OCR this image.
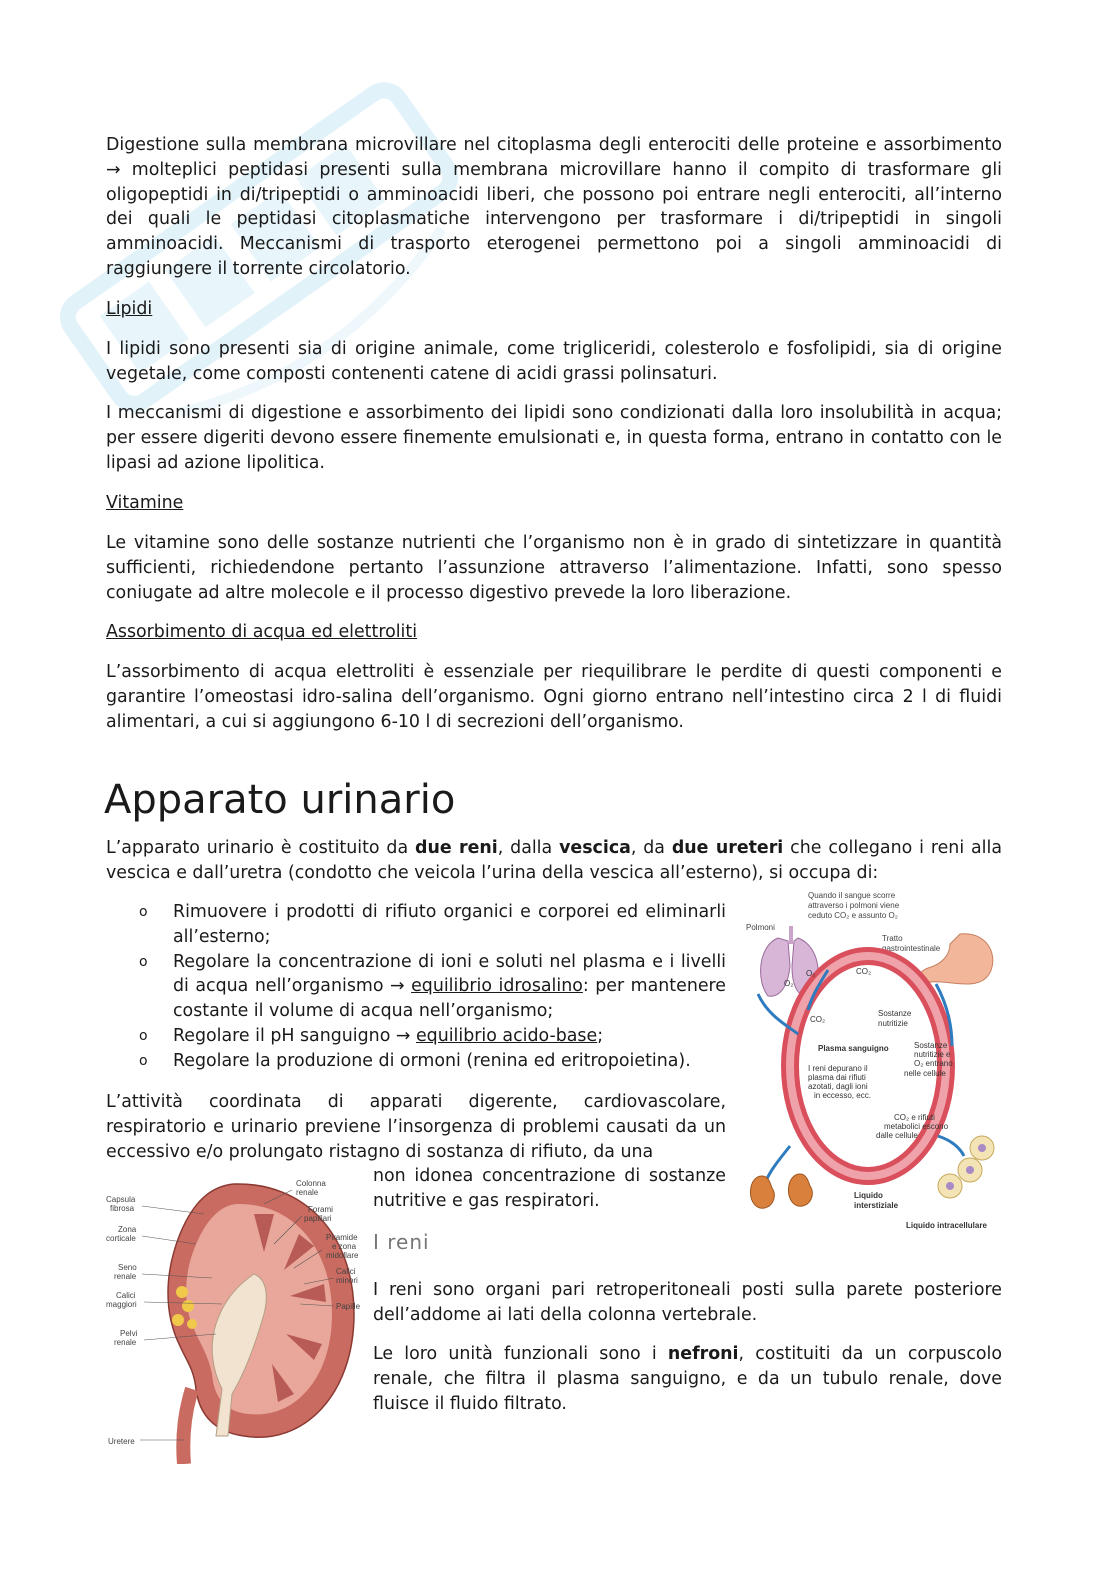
Digestione sulla membrana microvillare nel citoplasma degli enterociti delle proteine e assorbimento → molteplici peptidasi presenti sulla membrana microvillare hanno il compito di trasformare gli oligopeptidi in di/tripeptidi o amminoacidi liberi, che possono poi entrare negli enterociti, all’interno dei quali le peptidasi citoplasmatiche intervengono per trasformare i di/tripeptidi in singoli amminoacidi. Meccanismi di trasporto eterogenei permettono poi a singoli amminoacidi di raggiungere il torrente circolatorio.

Lipidi

I lipidi sono presenti sia di origine animale, come trigliceridi, colesterolo e fosfolipidi, sia di origine vegetale, come composti contenenti catene di acidi grassi polinsaturi.

I meccanismi di digestione e assorbimento dei lipidi sono condizionati dalla loro insolubilità in acqua; per essere digeriti devono essere finemente emulsionati e, in questa forma, entrano in contatto con le lipasi ad azione lipolitica.

Vitamine

Le vitamine sono delle sostanze nutrienti che l’organismo non è in grado di sintetizzare in quantità sufficienti, richiedendone pertanto l’assunzione attraverso l’alimentazione. Infatti, sono spesso coniugate ad altre molecole e il processo digestivo prevede la loro liberazione.

Assorbimento di acqua ed elettroliti

L’assorbimento di acqua elettroliti è essenziale per riequilibrare le perdite di questi componenti e garantire l’omeostasi idro-salina dell’organismo. Ogni giorno entrano nell’intestino circa 2 l di fluidi alimentari, a cui si aggiungono 6-10 l di secrezioni dell’organismo.

Apparato urinario

L’apparato urinario è costituito da due reni, dalla vescica, da due ureteri che collegano i reni alla vescica e dall’uretra (condotto che veicola l’urina della vescica all’esterno), si occupa di:

o Rimuovere i prodotti di rifiuto organici e corporei ed eliminarli all’esterno;
o Regolare la concentrazione di ioni e soluti nel plasma e i livelli di acqua nell’organismo → equilibrio idrosalino: per mantenere costante il volume di acqua nell’organismo;
o Regolare il pH sanguigno → equilibrio acido-base;
o Regolare la produzione di ormoni (renina ed eritropoietina).

L’attività coordinata di apparati digerente, cardiovascolare, respiratorio e urinario previene l’insorgenza di problemi causati da un eccessivo e/o prolungato ristagno di sostanza di rifiuto, da una

non idonea concentrazione di sostanze nutritive e gas respiratori.

I reni

I reni sono organi pari retroperitoneali posti sulla parete posteriore dell’addome ai lati della colonna vertebrale.

Le loro unità funzionali sono i nefroni, costituiti da un corpuscolo renale, che filtra il plasma sanguigno, e da un tubulo renale, dove fluisce il fluido filtrato.

Quando il sangue scorre
attraverso i polmoni viene
ceduto CO₂ e assunto O₂
Polmoni
Tratto
gastrointestinale
O₂
O₂	CO₂
CO₂
Sostanze
nutritizie
Plasma sanguigno
I reni depurano il
plasma dai rifiuti
azotati, dagli ioni
in eccesso, ecc.
Sostanze
nutritizie e
O₂ entrano
nelle cellule
CO₂ e rifiuti
metabolici escono
dalle cellule
Liquido
interstiziale
Liquido intracellulare
Capsula
fibrosa
Zona
corticale
Seno
renale
Calici
maggiori
Pelvi
renale
Uretere
Colonna
renale
Forami
papillari
Piramide
e zona
midollare
Calici
minori
Papille
